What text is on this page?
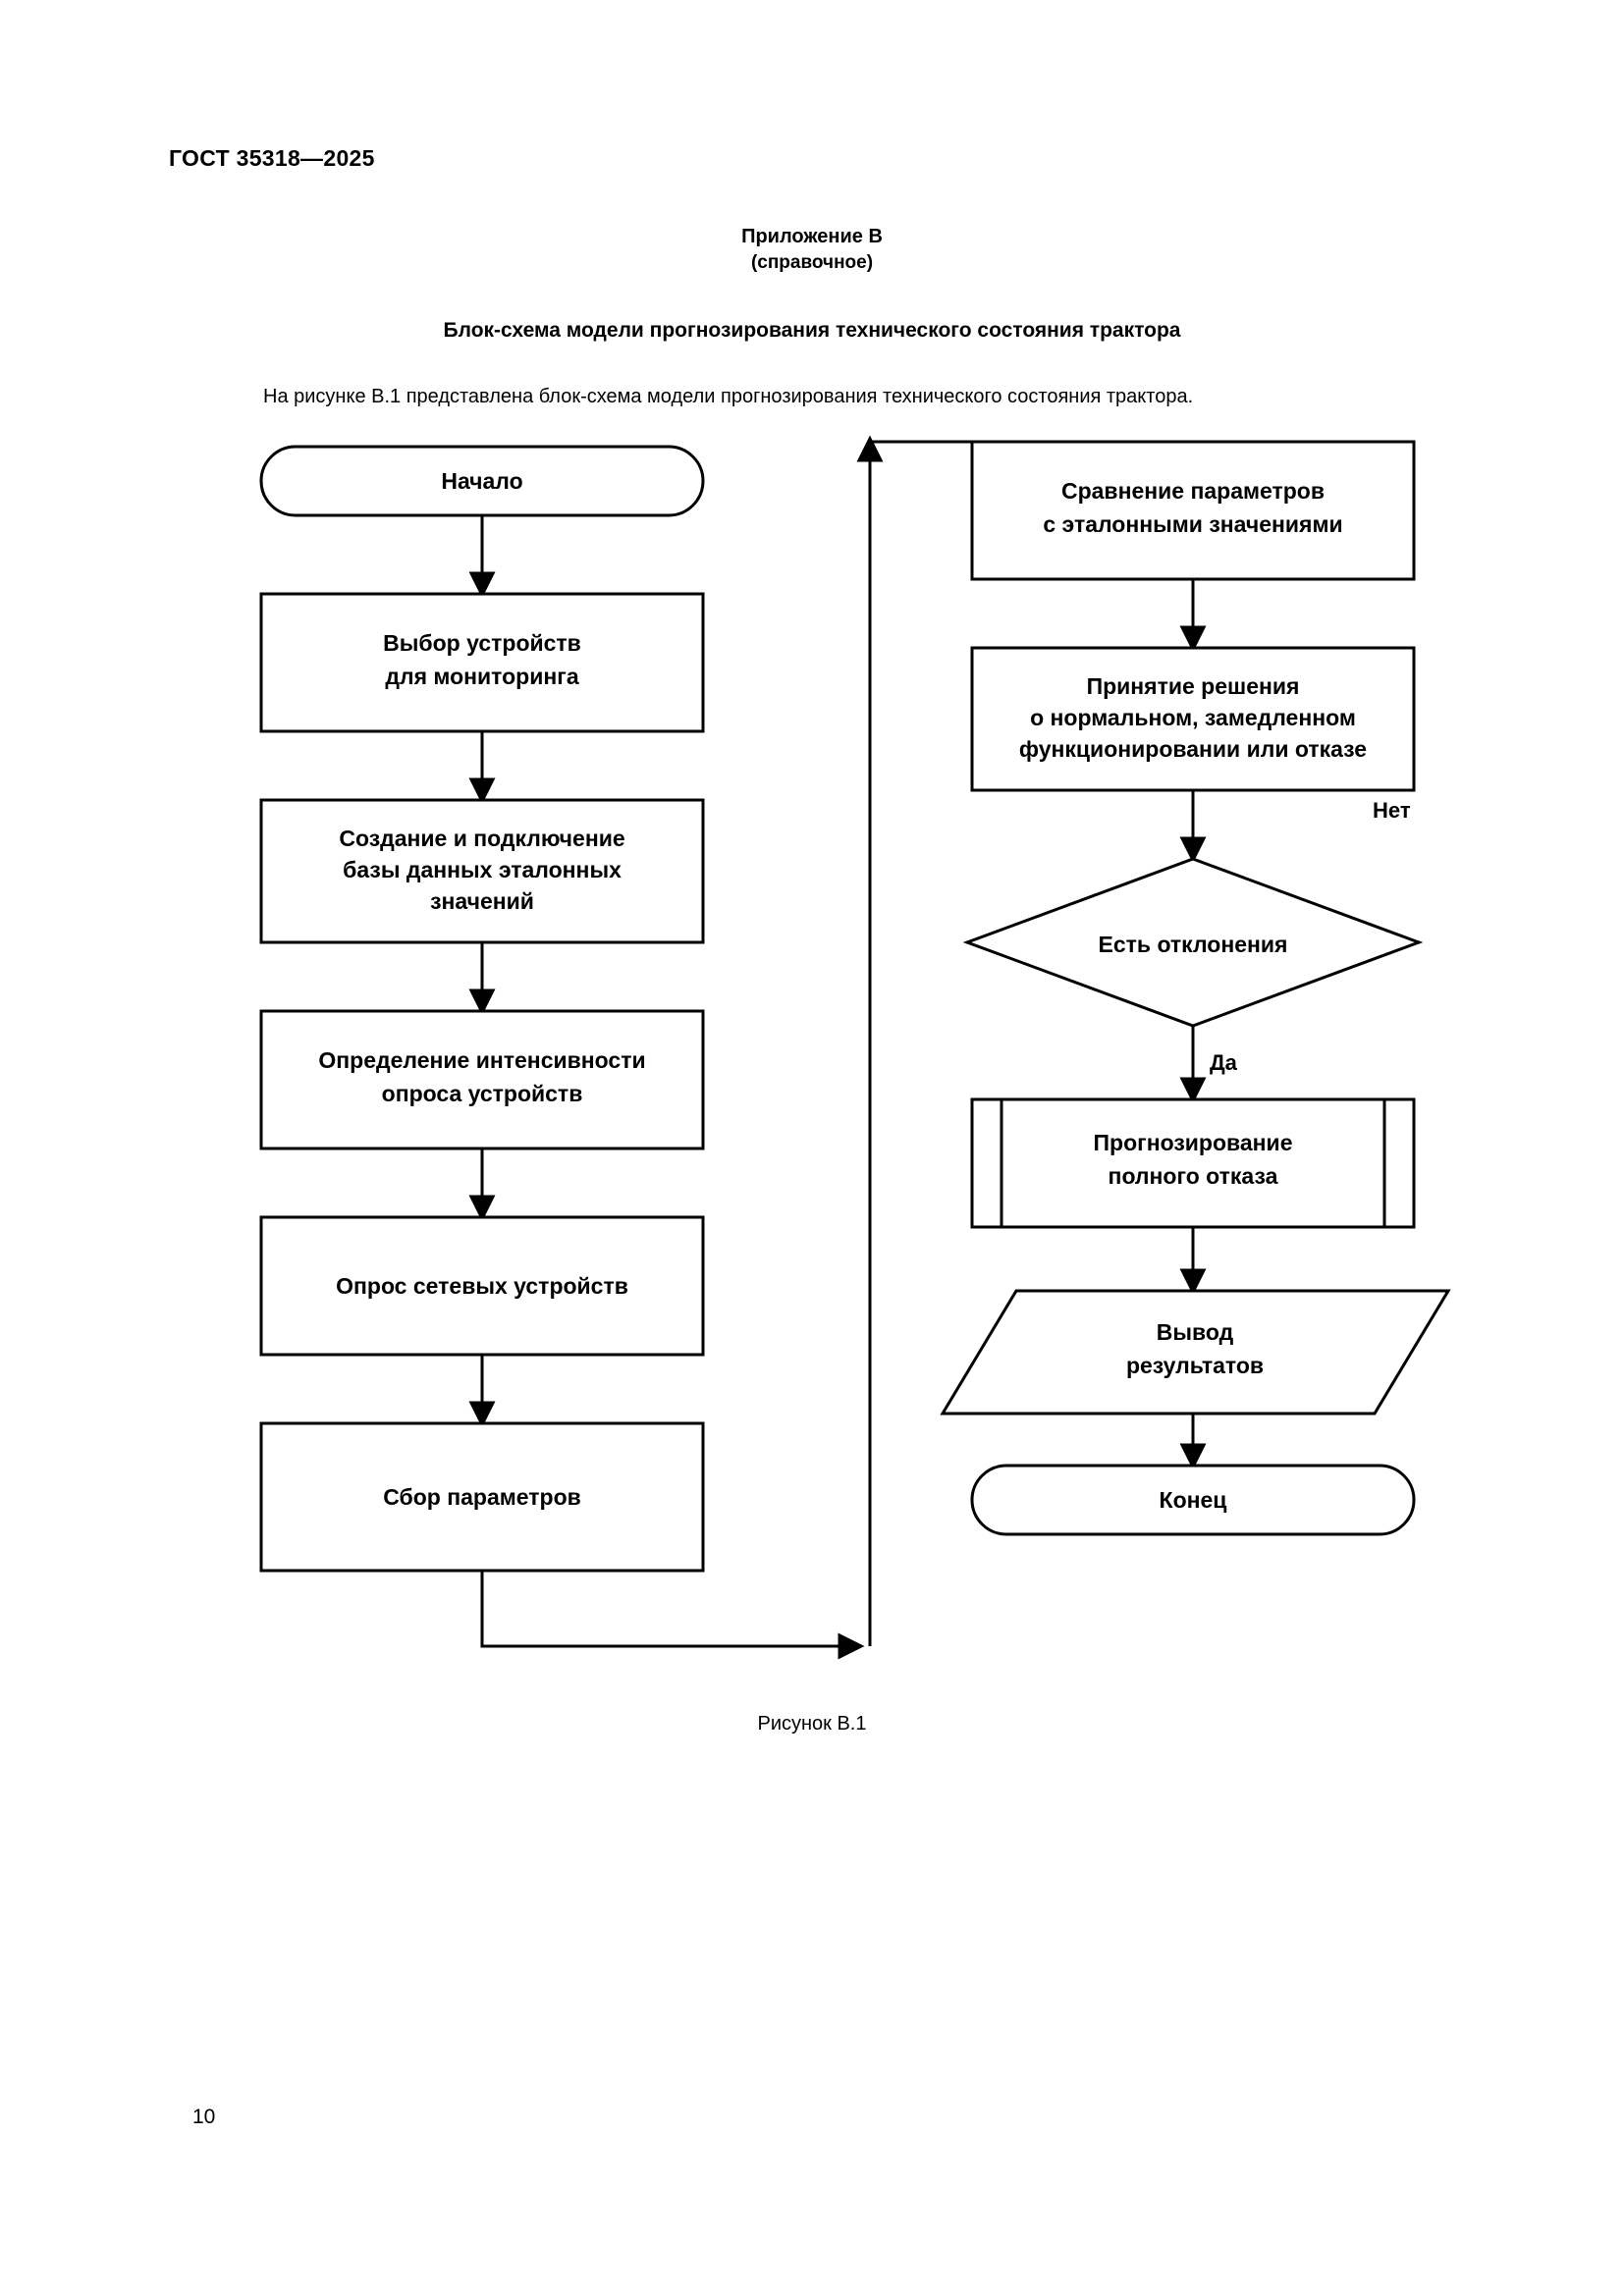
ГОСТ 35318—2025
Приложение В
(справочное)
Блок-схема модели прогнозирования технического состояния трактора
На рисунке В.1 представлена блок-схема модели прогнозирования технического состояния трактора.
Начало
Выбор устройств
для мониторинга
Создание и подключение
базы данных эталонных
значений
Определение интенсивности
опроса устройств
Опрос сетевых устройств
Сбор параметров
Сравнение параметров
с эталонными значениями
Принятие решения
о нормальном, замедленном
функционировании или отказе
Есть отклонения
Нет
Да
Прогнозирование
полного отказа
Вывод
результатов
Конец
Рисунок В.1
10
